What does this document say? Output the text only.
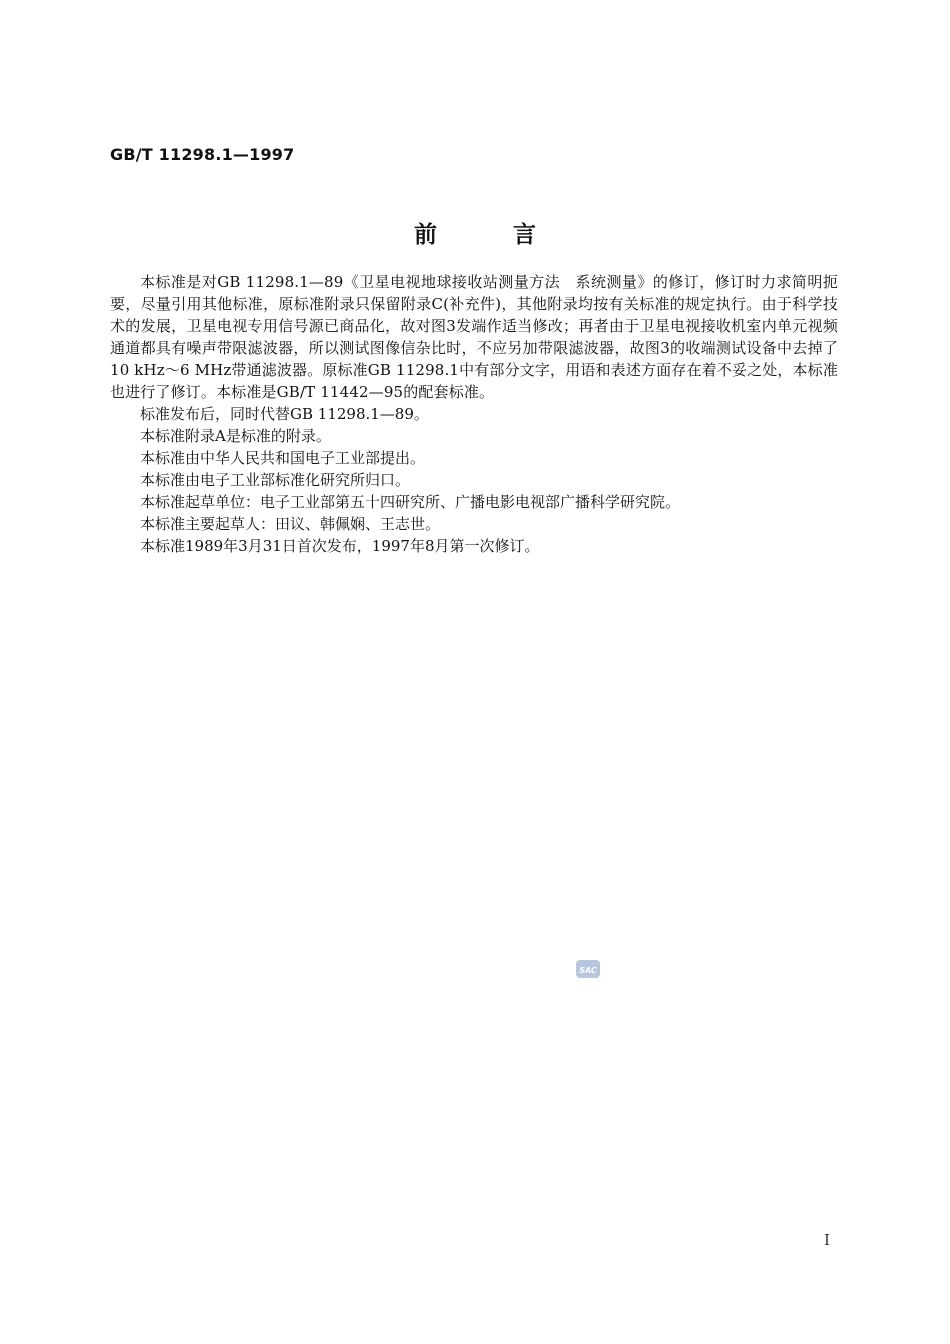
GB/T 11298.1—1997
前言

本标准是对GB 11298.1—89《卫星电视地球接收站测量方法　系统测量》的修订，修订时力求简明扼要，尽量引用其他标准，原标准附录只保留附录C(补充件)，其他附录均按有关标准的规定执行。由于科学技术的发展，卫星电视专用信号源已商品化，故对图3发端作适当修改；再者由于卫星电视接收机室内单元视频通道都具有噪声带限滤波器，所以测试图像信杂比时，不应另加带限滤波器，故图3的收端测试设备中去掉了10 kHz～6 MHz带通滤波器。原标准GB 11298.1中有部分文字，用语和表述方面存在着不妥之处，本标准也进行了修订。本标准是GB/T 11442—95的配套标准。

标准发布后，同时代替GB 11298.1—89。

本标准附录A是标准的附录。

本标准由中华人民共和国电子工业部提出。

本标准由电子工业部标准化研究所归口。

本标准起草单位：电子工业部第五十四研究所、广播电影电视部广播科学研究院。

本标准主要起草人：田议、韩佩娴、王志世。

本标准1989年3月31日首次发布，1997年8月第一次修订。

SAC
I
